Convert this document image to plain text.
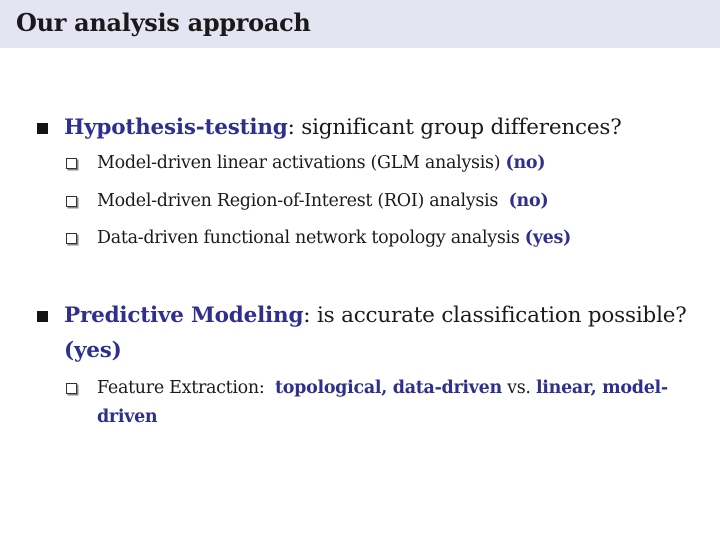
Our analysis approach
Hypothesis-testing: significant group differences?
Model-driven linear activations (GLM analysis) (no)
Model-driven Region-of-Interest (ROI) analysis  (no)
Data-driven functional network topology analysis (yes)
Predictive Modeling: is accurate classification possible?
(yes)
Feature Extraction:  topological, data-driven vs. linear, model-
driven
